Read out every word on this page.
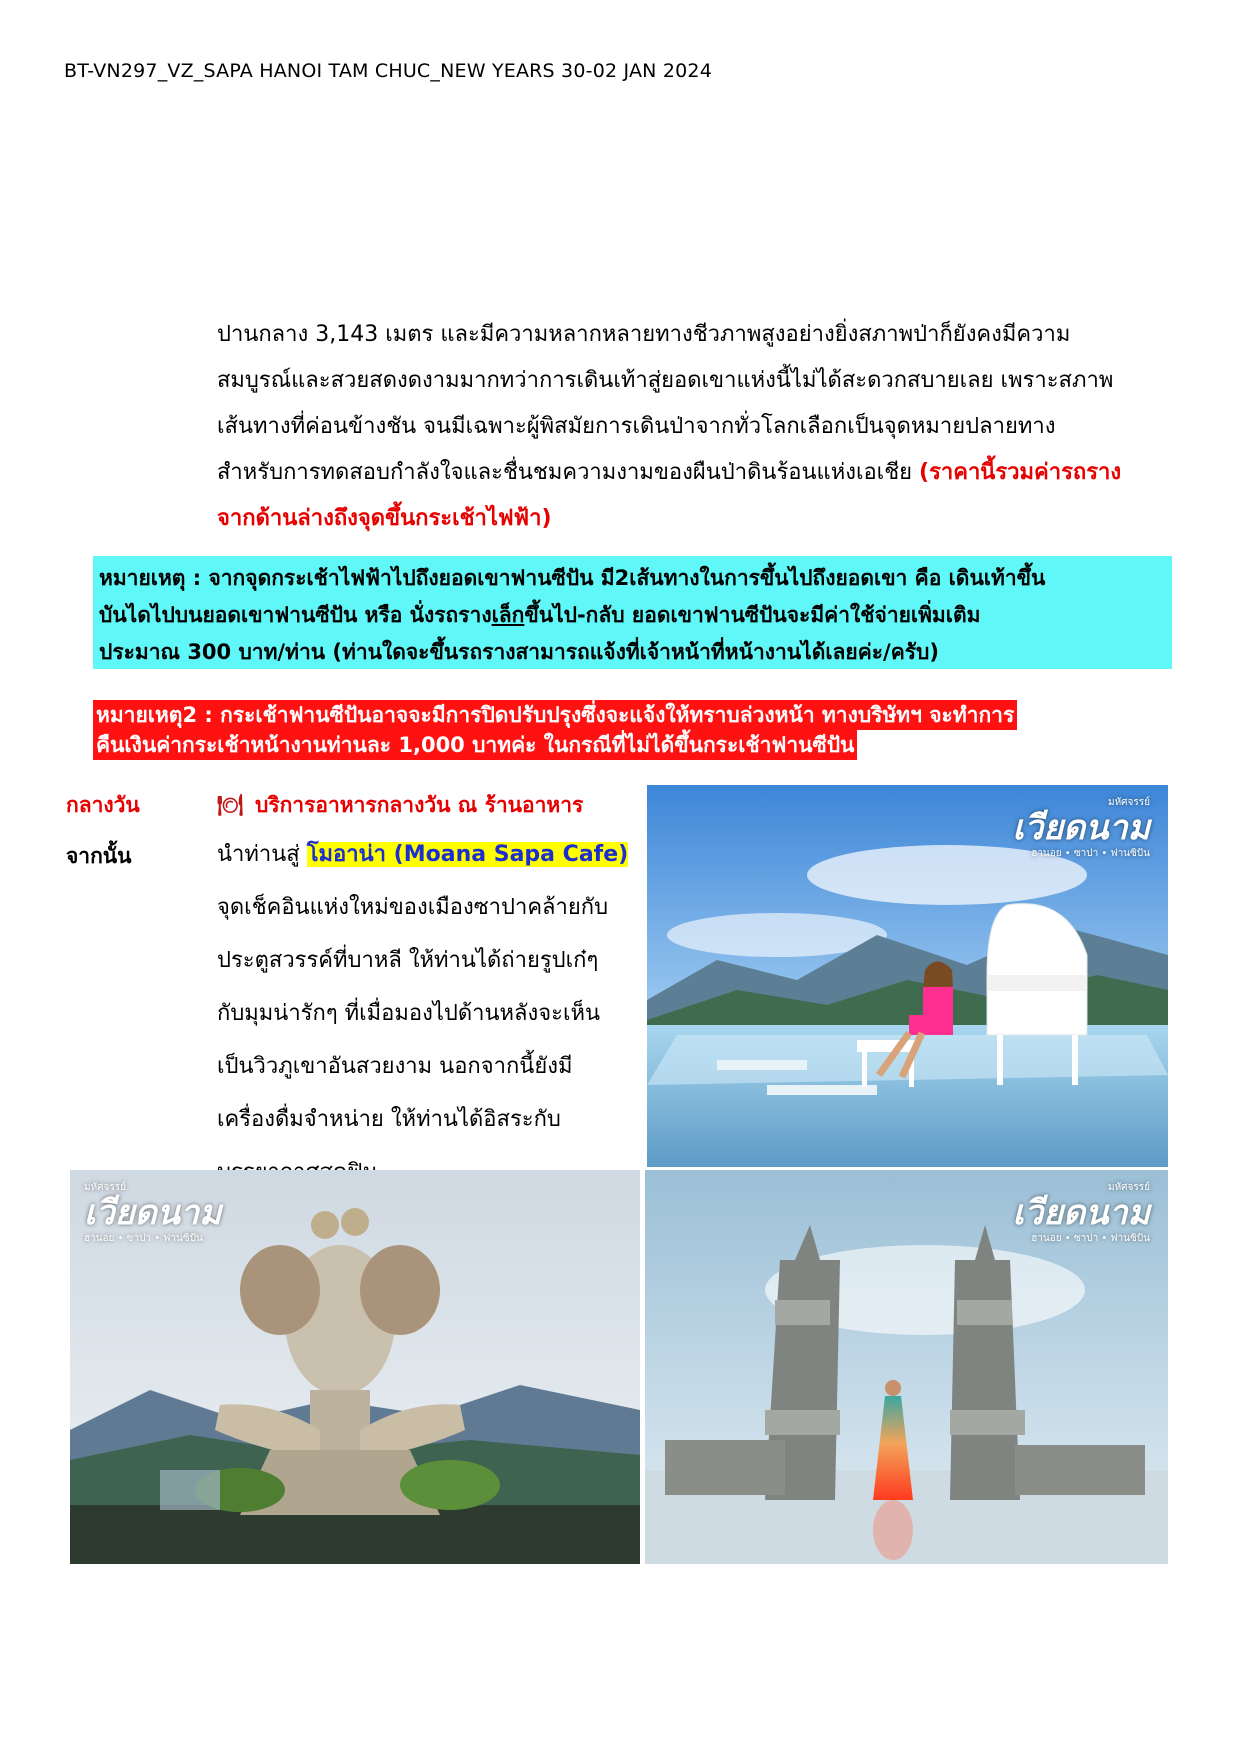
BT-VN297_VZ_SAPA HANOI TAM CHUC_NEW YEARS 30-02 JAN 2024
ปานกลาง 3,143 เมตร และมีความหลากหลายทางชีวภาพสูงอย่างยิ่งสภาพป่าก็ยังคงมีความ
สมบูรณ์และสวยสดงดงามมากทว่าการเดินเท้าสู่ยอดเขาแห่งนี้ไม่ได้สะดวกสบายเลย เพราะสภาพ
เส้นทางที่ค่อนข้างชัน จนมีเฉพาะผู้พิสมัยการเดินป่าจากทั่วโลกเลือกเป็นจุดหมายปลายทาง
สำหรับการทดสอบกำลังใจและชื่นชมความงามของผืนป่าดินร้อนแห่งเอเชีย (ราคานี้รวมค่ารถราง
จากด้านล่างถึงจุดขึ้นกระเช้าไฟฟ้า)
หมายเหตุ : จากจุดกระเช้าไฟฟ้าไปถึงยอดเขาฟานซีปัน มี2เส้นทางในการขึ้นไปถึงยอดเขา คือ เดินเท้าขึ้น
บันไดไปบนยอดเขาฟานซีปัน หรือ นั่งรถรางเล็กขึ้นไป-กลับ ยอดเขาฟานซีปันจะมีค่าใช้จ่ายเพิ่มเติม
ประมาณ 300 บาท/ท่าน (ท่านใดจะขึ้นรถรางสามารถแจ้งที่เจ้าหน้าที่หน้างานได้เลยค่ะ/ครับ)
หมายเหตุ2 : กระเช้าฟานซีปันอาจจะมีการปิดปรับปรุงซึ่งจะแจ้งให้ทราบล่วงหน้า ทางบริษัทฯ จะทำการ
คืนเงินค่ากระเช้าหน้างานท่านละ 1,000 บาทค่ะ ในกรณีที่ไม่ได้ขึ้นกระเช้าฟานซีปัน
กลางวัน	🍽 บริการอาหารกลางวัน ณ ร้านอาหาร
จากนั้น	นำท่านสู่ โมอาน่า (Moana Sapa Cafe)
จุดเช็คอินแห่งใหม่ของเมืองซาปาคล้ายกับ
ประตูสวรรค์ที่บาหลี ให้ท่านได้ถ่ายรูปเก๋ๆ
กับมุมน่ารักๆ ที่เมื่อมองไปด้านหลังจะเห็น
เป็นวิวภูเขาอันสวยงาม นอกจากนี้ยังมี
เครื่องดื่มจำหน่าย ให้ท่านได้อิสระกับ
มหัศจรรย์
เวียดนาม
ฮานอย • ซาปา • ฟานซิปัน
มหัศจรรย์
เวียดนาม
ฮานอย • ซาปา • ฟานซิปัน
มหัศจรรย์
เวียดนาม
ฮานอย • ซาปา • ฟานซิปัน
